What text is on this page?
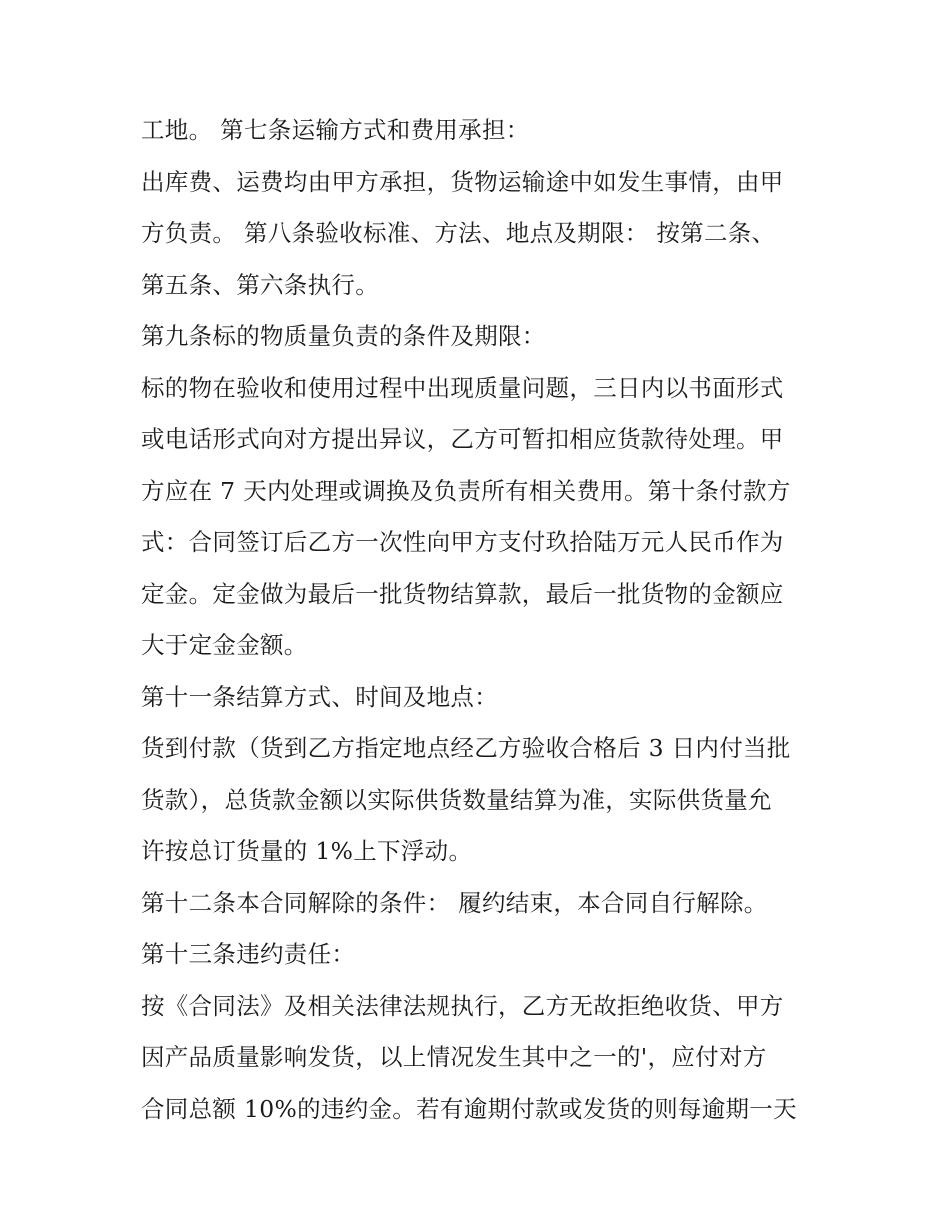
工地。 第七条运输方式和费用承担：
出库费、运费均由甲方承担，货物运输途中如发生事情，由甲
方负责。 第八条验收标准、方法、地点及期限： 按第二条、
第五条、第六条执行。
第九条标的物质量负责的条件及期限：
标的物在验收和使用过程中出现质量问题，三日内以书面形式
或电话形式向对方提出异议，乙方可暂扣相应货款待处理。甲
方应在 7 天内处理或调换及负责所有相关费用。第十条付款方
式：合同签订后乙方一次性向甲方支付玖拾陆万元人民币作为
定金。定金做为最后一批货物结算款，最后一批货物的金额应
大于定金金额。
第十一条结算方式、时间及地点：
货到付款（货到乙方指定地点经乙方验收合格后 3 日内付当批
货款），总货款金额以实际供货数量结算为准，实际供货量允
许按总订货量的 1%上下浮动。
第十二条本合同解除的条件： 履约结束，本合同自行解除。
第十三条违约责任：
按《合同法》及相关法律法规执行，乙方无故拒绝收货、甲方
因产品质量影响发货，以上情况发生其中之一的'，应付对方
合同总额 10%的违约金。若有逾期付款或发货的则每逾期一天
